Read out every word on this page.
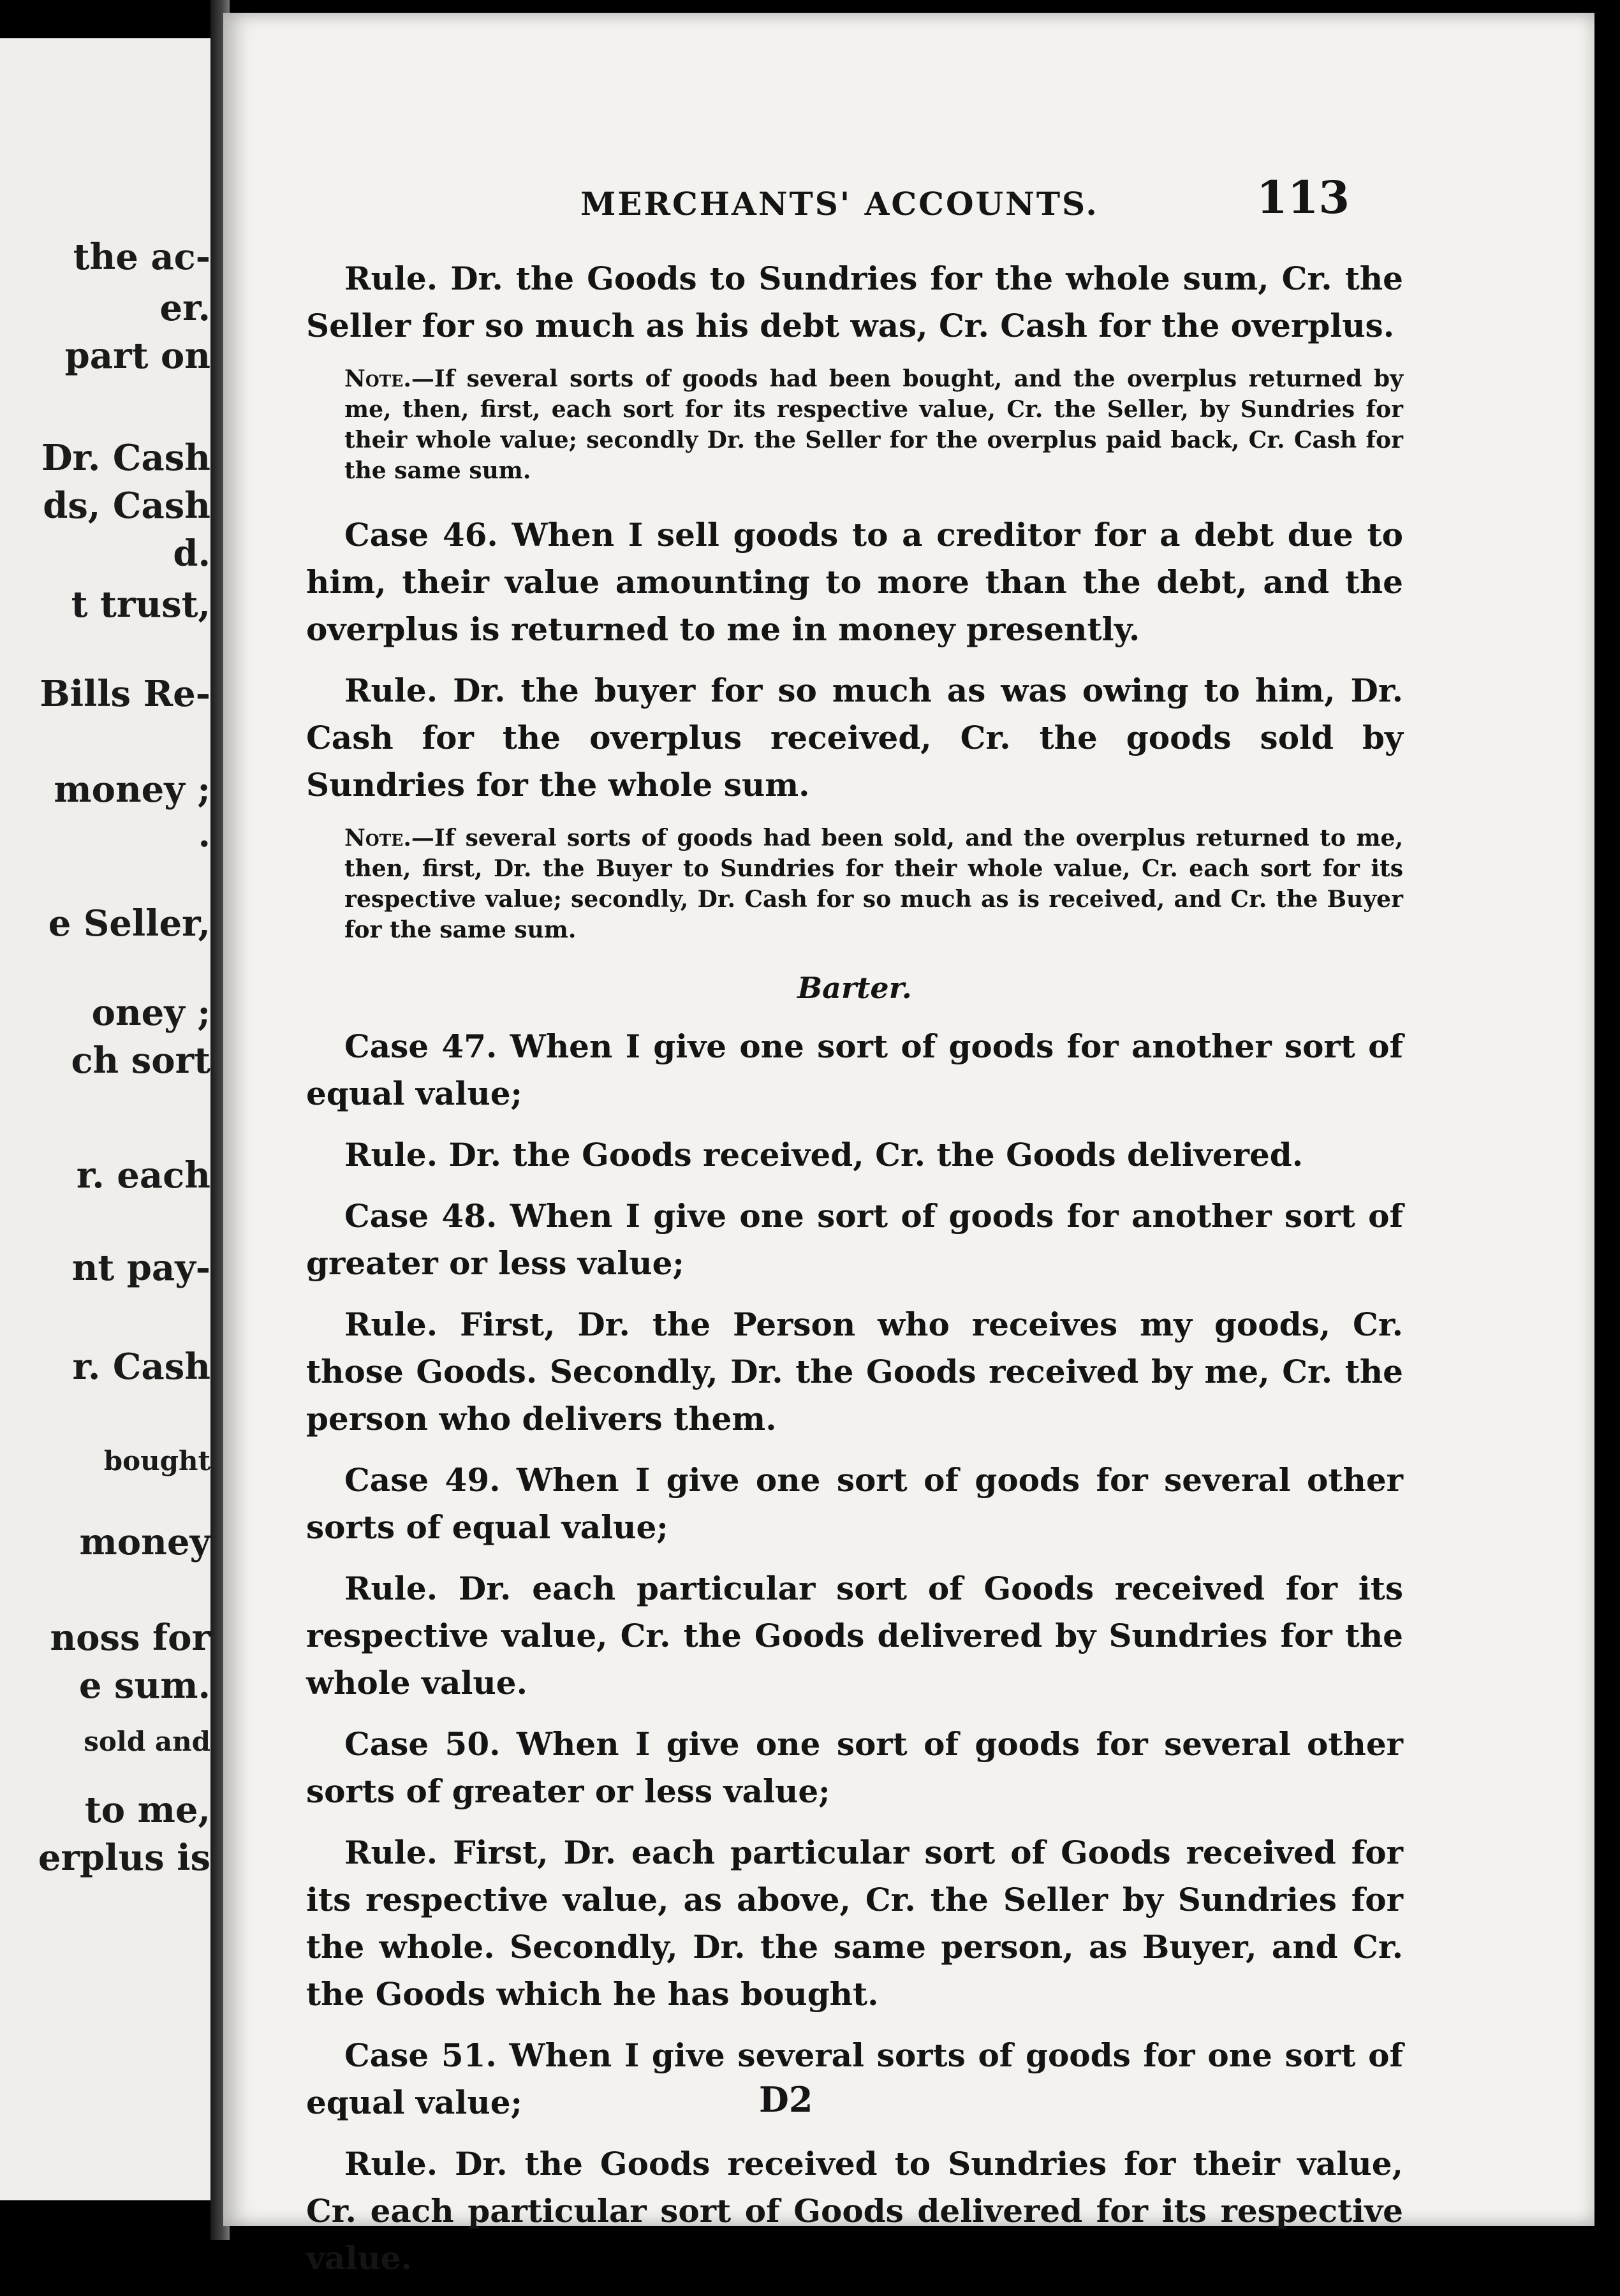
the ac-

er.

part on

Dr. Cash

ds, Cash

d.

t trust,

Bills Re-

money ;

.

e Seller,

oney ;

ch sort

r. each

nt pay-

r. Cash

bought

money

noss for

e sum.

sold and

to me,

erplus is

MERCHANTS' ACCOUNTS.	113

Rule. Dr. the Goods to Sundries for the whole sum, Cr. the Seller for so much as his debt was, Cr. Cash for the overplus.

Note.—If several sorts of goods had been bought, and the overplus returned by me, then, first, each sort for its respective value, Cr. the Seller, by Sundries for their whole value; secondly Dr. the Seller for the overplus paid back, Cr. Cash for the same sum.

Case 46. When I sell goods to a creditor for a debt due to him, their value amounting to more than the debt, and the overplus is returned to me in money presently.

Rule. Dr. the buyer for so much as was owing to him, Dr. Cash for the overplus received, Cr. the goods sold by Sundries for the whole sum.

Note.—If several sorts of goods had been sold, and the overplus returned to me, then, first, Dr. the Buyer to Sundries for their whole value, Cr. each sort for its respective value; secondly, Dr. Cash for so much as is received, and Cr. the Buyer for the same sum.

Barter.

Case 47. When I give one sort of goods for another sort of equal value;

Rule. Dr. the Goods received, Cr. the Goods delivered.

Case 48. When I give one sort of goods for another sort of greater or less value;

Rule. First, Dr. the Person who receives my goods, Cr. those Goods. Secondly, Dr. the Goods received by me, Cr. the person who delivers them.

Case 49. When I give one sort of goods for several other sorts of equal value;

Rule. Dr. each particular sort of Goods received for its respective value, Cr. the Goods delivered by Sundries for the whole value.

Case 50. When I give one sort of goods for several other sorts of greater or less value;

Rule. First, Dr. each particular sort of Goods received for its respective value, as above, Cr. the Seller by Sundries for the whole. Secondly, Dr. the same person, as Buyer, and Cr. the Goods which he has bought.

Case 51. When I give several sorts of goods for one sort of equal value;

Rule. Dr. the Goods received to Sundries for their value, Cr. each particular sort of Goods delivered for its respective value.

D2
